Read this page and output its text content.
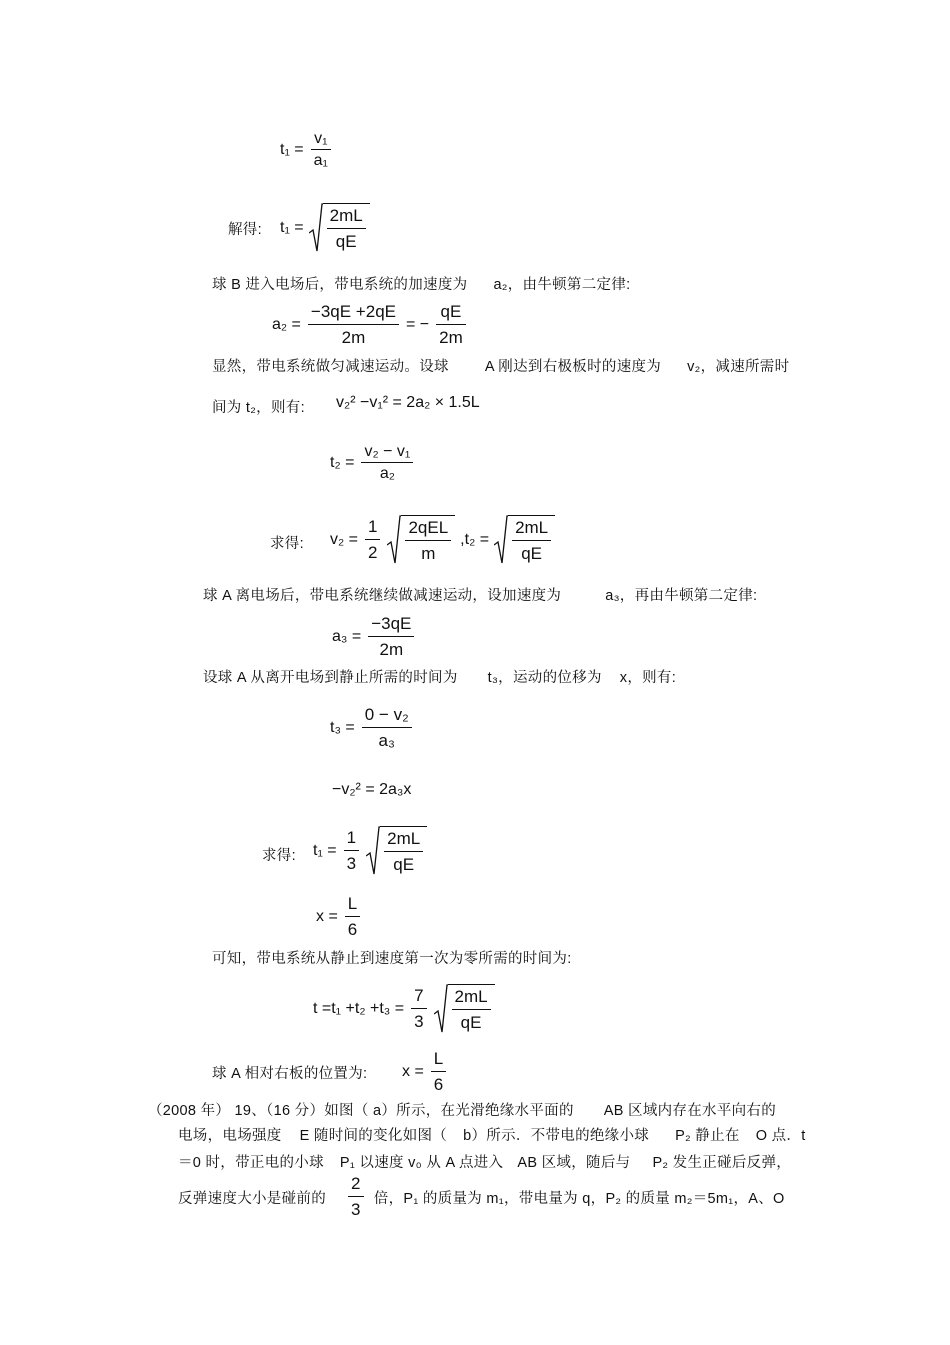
$t_1 = \frac{\text{v₁}}{\text{a₁}}$
解得: $t_1 = \frac{2mL}{qE}$
球 B 进入电场后，带电系统的加速度为 a₂，由牛顿第二定律:
$a_2 = \frac{-3qE +2qE}{2m}$ = − $\frac{qE}{2m}$
显然，带电系统做匀减速运动。设球 A 刚达到右极板时的速度为 v₂，减速所需时
间为 t₂，则有: v₂² −v₁² = 2a₂ × 1.5L
$t_2 = \frac{\text{v₂ − v₁}}{\text{a₂}}$
求得: $v_2 = \frac{1}{2} \frac{\text{2qEL}}{m} ,t_2 = \frac{2mL}{qE}$
球 A 离电场后，带电系统继续做减速运动，设加速度为	a₃，再由牛顿第二定律:
$a_3 = \frac{-3qE}{2m}$
设球 A 从离开电场到静止所需的时间为 t₃，运动的位移为 x，则有:
$t_3 = \frac{\text{0 − v₂}}{\text{a₃}}$
−v₂² = 2a₃x
求得: $t_1 = \frac{1}{3} \frac{2mL}{qE}$
$x = \frac{L}{6}$
可知，带电系统从静止到速度第一次为零所需的时间为:
$t =t_1 +t_2 +t_3 = \frac{7}{3} \frac{2mL}{qE}$
球 A 相对右板的位置为: $x = \frac{L}{6}$
（2008 年） 19、（16 分）如图（ a）所示，在光滑绝缘水平面的 AB 区域内存在水平向右的
电场，电场强度 E 随时间的变化如图（ b）所示．不带电的绝缘小球 P₂ 静止在 O 点．t
＝0 时，带正电的小球 P₁ 以速度 v₀ 从 A 点进入 AB 区域，随后与 P₂ 发生正碰后反弹，
反弹速度大小是碰前的 $\frac{2}{3}$ 倍，P₁ 的质量为 m₁，带电量为 q，P₂ 的质量 m₂＝5m₁，A、O
